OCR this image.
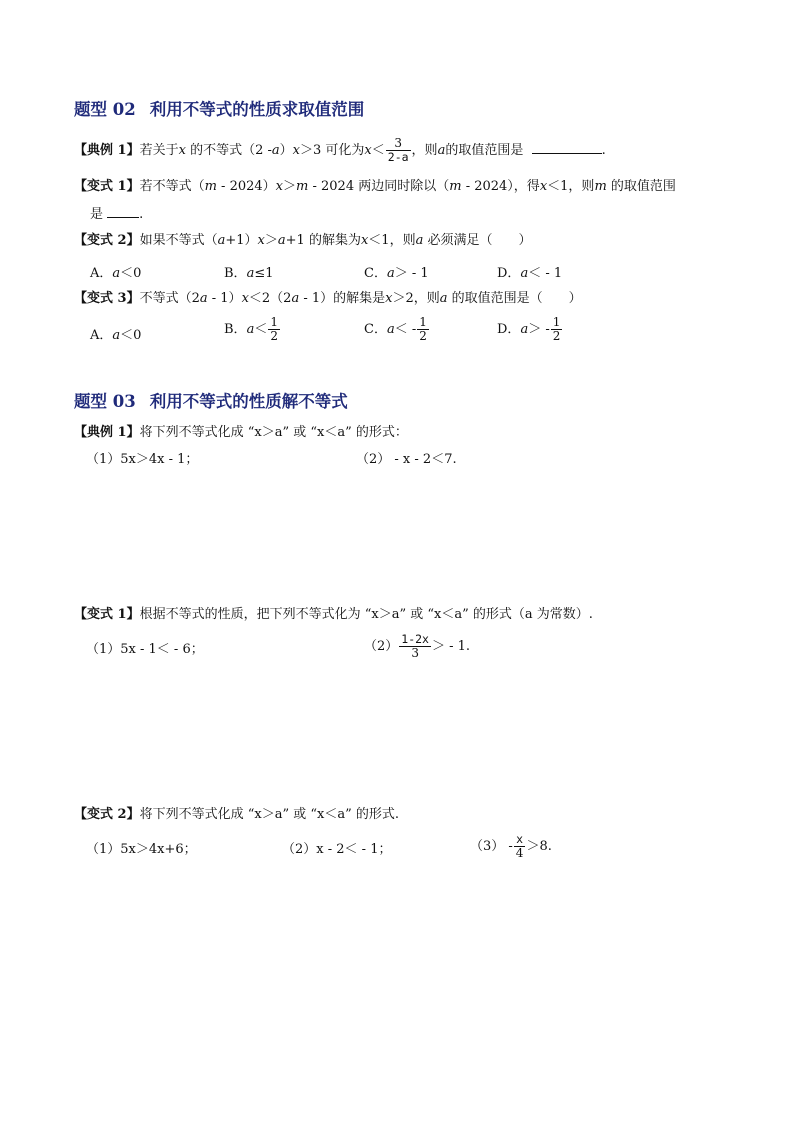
题型 02 利用不等式的性质求取值范围
【典例 1】若关于x 的不等式（2 -a）x＞3 可化为$x< \frac{3}{2-a}$ ，则a的取值范围是	.
【变式 1】若不等式（m - 2024）x＞m - 2024 两边同时除以（m - 2024），得x＜1，则m 的取值范围
是	.
【变式 2】如果不等式（a+1）x＞a+1 的解集为x＜1，则a 必须满足（　　）
A．a＜0	B．a≤1	C．a＞ - 1	D．a＜ - 1
【变式 3】不等式（2a - 1）x＜2（2a - 1）的解集是x＞2，则a 的取值范围是（　　）
A．a＜0	B．$a< \frac{1}{2}$	C．$a< - \frac{1}{2}$	D．$a> - \frac{1}{2}$
题型 03 利用不等式的性质解不等式
【典例 1】将下列不等式化成 “x＞a” 或 “x＜a” 的形式：
（1）5x＞4x - 1；	（2） - x - 2＜7.
【变式 1】根据不等式的性质，把下列不等式化为 “x＞a” 或 “x＜a” 的形式（a 为常数）.
（1）5x - 1＜ - 6；	$(2) \frac{1-2x}{3}$ ＞ - 1.
【变式 2】将下列不等式化成 “x＞a” 或 “x＜a” 的形式.
（1）5x＞4x+6；	（2）x - 2＜ - 1；	$(3) - \frac{x}{4} >8$.
